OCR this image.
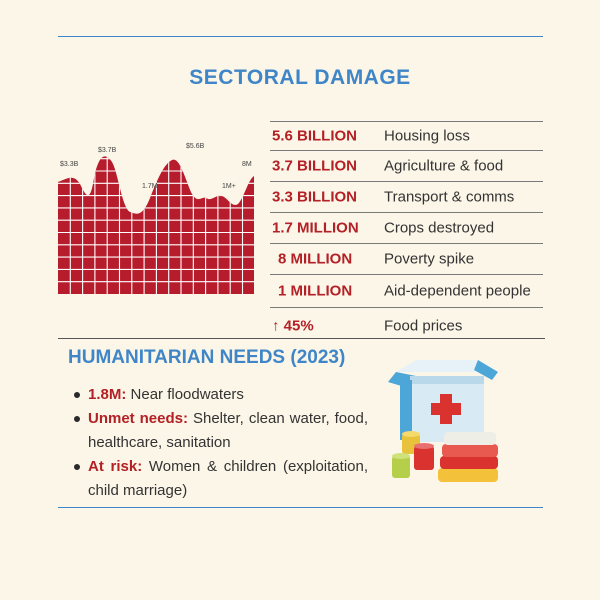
SECTORAL DAMAGE
$3.3B
$3.7B
1.7M
$5.6B
1M+
8M
5.6 BILLION Housing loss
3.7 BILLION Agriculture & food
3.3 BILLION Transport & comms
1.7 MILLION Crops destroyed
8 MILLION Poverty spike
1 MILLION Aid-dependent people
↑ 45%	Food prices
HUMANITARIAN NEEDS (2023)
1.8M: Near floodwaters
Unmet needs: Shelter, clean water, food, healthcare, sanitation
At risk: Women & children (exploitation, child marriage)
